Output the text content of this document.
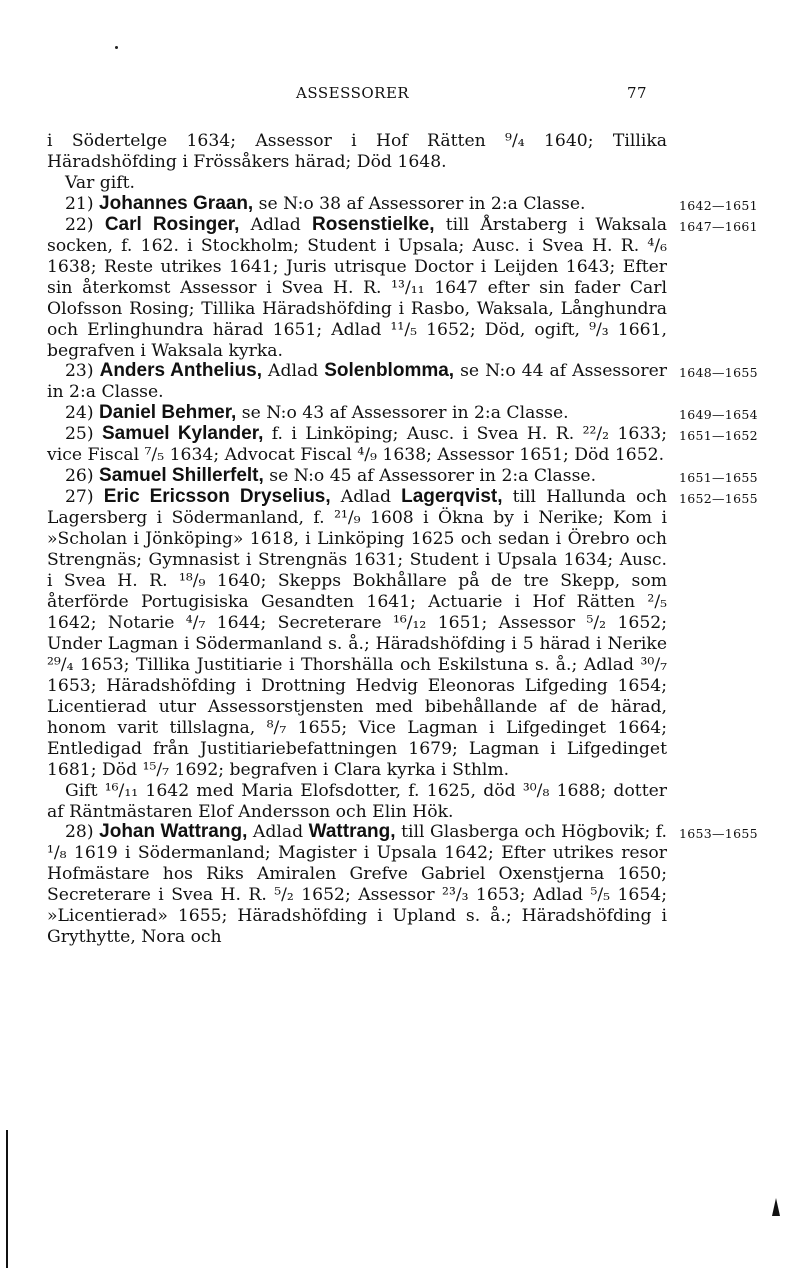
ASSESSORER	77

i Södertelge 1634; Assessor i Hof Rätten ⁹/₄ 1640; Tillika Häradshöfding i Frössåkers härad; Död 1648.

Var gift.

21) Johannes Graan, se N:o 38 af Assessorer in 2:a Classe.

22) Carl Rosinger, Adlad Rosenstielke, till Årstaberg i Waksala socken, f. 162. i Stockholm; Student i Upsala; Ausc. i Svea H. R. ⁴/₆ 1638; Reste utrikes 1641; Juris utrisque Doctor i Leijden 1643; Efter sin återkomst Assessor i Svea H. R. ¹³/₁₁ 1647 efter sin fader Carl Olofsson Rosing; Tillika Häradshöfding i Rasbo, Waksala, Långhundra och Erlinghundra härad 1651; Adlad ¹¹/₅ 1652; Död, ogift, ⁹/₃ 1661, begrafven i Waksala kyrka.

23) Anders Anthelius, Adlad Solenblomma, se N:o 44 af Assessorer in 2:a Classe.

24) Daniel Behmer, se N:o 43 af Assessorer in 2:a Classe.

25) Samuel Kylander, f. i Linköping; Ausc. i Svea H. R. ²²/₂ 1633; vice Fiscal ⁷/₅ 1634; Advocat Fiscal ⁴/₉ 1638; Assessor 1651; Död 1652.

26) Samuel Shillerfelt, se N:o 45 af Assessorer in 2:a Classe.

27) Eric Ericsson Dryselius, Adlad Lagerqvist, till Hallunda och Lagersberg i Södermanland, f. ²¹/₉ 1608 i Ökna by i Nerike; Kom i »Scholan i Jönköping» 1618, i Linköping 1625 och sedan i Örebro och Strengnäs; Gymnasist i Strengnäs 1631; Student i Upsala 1634; Ausc. i Svea H. R. ¹⁸/₉ 1640; Skepps Bokhållare på de tre Skepp, som återförde Portugisiska Gesandten 1641; Actuarie i Hof Rätten ²/₅ 1642; Notarie ⁴/₇ 1644; Secreterare ¹⁶/₁₂ 1651; Assessor ⁵/₂ 1652; Under Lagman i Södermanland s. å.; Häradshöfding i 5 härad i Nerike ²⁹/₄ 1653; Tillika Justitiarie i Thorshälla och Eskilstuna s. å.; Adlad ³⁰/₇ 1653; Häradshöfding i Drottning Hedvig Eleonoras Lifgeding 1654; Licentierad utur Assessorstjensten med bibehållande af de härad, honom varit tillslagna, ⁸/₇ 1655; Vice Lagman i Lifgedinget 1664; Entledigad från Justitiariebefattningen 1679; Lagman i Lifgedinget 1681; Död ¹⁵/₇ 1692; begrafven i Clara kyrka i Sthlm.

Gift ¹⁶/₁₁ 1642 med Maria Elofsdotter, f. 1625, död ³⁰/₈ 1688; dotter af Räntmästaren Elof Andersson och Elin Hök.

28) Johan Wattrang, Adlad Wattrang, till Glasberga och Högbovik; f. ¹/₈ 1619 i Södermanland; Magister i Upsala 1642; Efter utrikes resor Hofmästare hos Riks Amiralen Grefve Gabriel Oxenstjerna 1650; Secreterare i Svea H. R. ⁵/₂ 1652; Assessor ²³/₃ 1653; Adlad ⁵/₅ 1654; »Licentierad» 1655; Häradshöfding i Upland s. å.; Häradshöfding i Grythytte, Nora och

1642—1651
1647—1661
1648—1655
1649—1654
1651—1652
1651—1655
1652—1655
1653—1655
